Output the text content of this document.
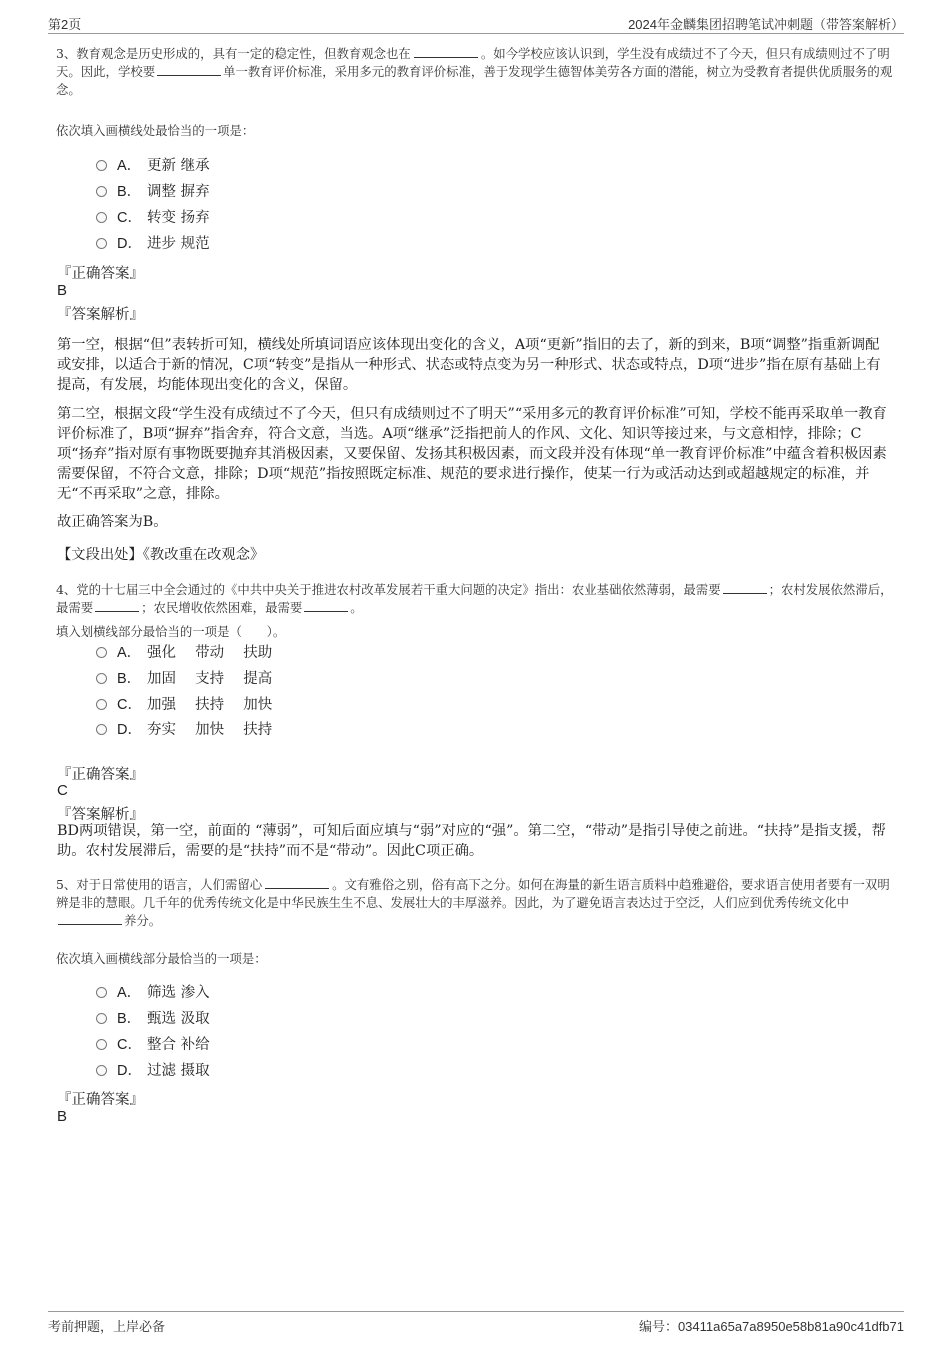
第2页	2024年金麟集团招聘笔试冲刺题（带答案解析）
3、教育观念是历史形成的，具有一定的稳定性，但教育观念也在	。如今学校应该认识到，学生没有成绩过不了今天，但只有成绩则过不了明天。因此，学校要	单一教育评价标准，采用多元的教育评价标准，善于发现学生德智体美劳各方面的潜能，树立为受教育者提供优质服务的观念。
依次填入画横线处最恰当的一项是：
A． 更新 继承
B． 调整 摒弃
C． 转变 扬弃
D． 进步 规范
『正确答案』
B
『答案解析』
第一空，根据“但”表转折可知，横线处所填词语应该体现出变化的含义，A项“更新”指旧的去了，新的到来，B项“调整”指重新调配或安排，以适合于新的情况，C项“转变”是指从一种形式、状态或特点变为另一种形式、状态或特点，D项“进步”指在原有基础上有提高，有发展，均能体现出变化的含义，保留。
第二空，根据文段“学生没有成绩过不了今天，但只有成绩则过不了明天”“采用多元的教育评价标准”可知，学校不能再采取单一教育评价标准了，B项“摒弃”指舍弃，符合文意，当选。A项“继承”泛指把前人的作风、文化、知识等接过来，与文意相悖，排除；C项“扬弃”指对原有事物既要抛弃其消极因素，又要保留、发扬其积极因素，而文段并没有体现“单一教育评价标准”中蕴含着积极因素需要保留，不符合文意，排除；D项“规范”指按照既定标准、规范的要求进行操作，使某一行为或活动达到或超越规定的标准，并无“不再采取”之意，排除。
故正确答案为B。
【文段出处】《教改重在改观念》
4、党的十七届三中全会通过的《中共中央关于推进农村改革发展若干重大问题的决定》指出：农业基础依然薄弱，最需要	；农村发展依然滞后，最需要	；农民增收依然困难，最需要	。
填入划横线部分最恰当的一项是（　　）。
A． 强化　 带动 　扶助
B． 加固　 支持 　提高
C． 加强 　扶持 　加快
D． 夯实 　加快 　扶持
『正确答案』
C
『答案解析』
BD两项错误，第一空，前面的 “薄弱”，可知后面应填与“弱”对应的“强”。第二空，“带动”是指引导使之前进。“扶持”是指支援，帮助。农村发展滞后，需要的是“扶持”而不是“带动”。因此C项正确。
5、对于日常使用的语言，人们需留心	。文有雅俗之别，俗有高下之分。如何在海量的新生语言质料中趋雅避俗，要求语言使用者要有一双明辨是非的慧眼。几千年的优秀传统文化是中华民族生生不息、发展壮大的丰厚滋养。因此，为了避免语言表达过于空泛，人们应到优秀传统文化中养分。
依次填入画横线部分最恰当的一项是：
A． 筛选 渗入
B． 甄选 汲取
C． 整合 补给
D． 过滤 摄取
『正确答案』
B
考前押题，上岸必备	编号：03411a65a7a8950e58b81a90c41dfb71
